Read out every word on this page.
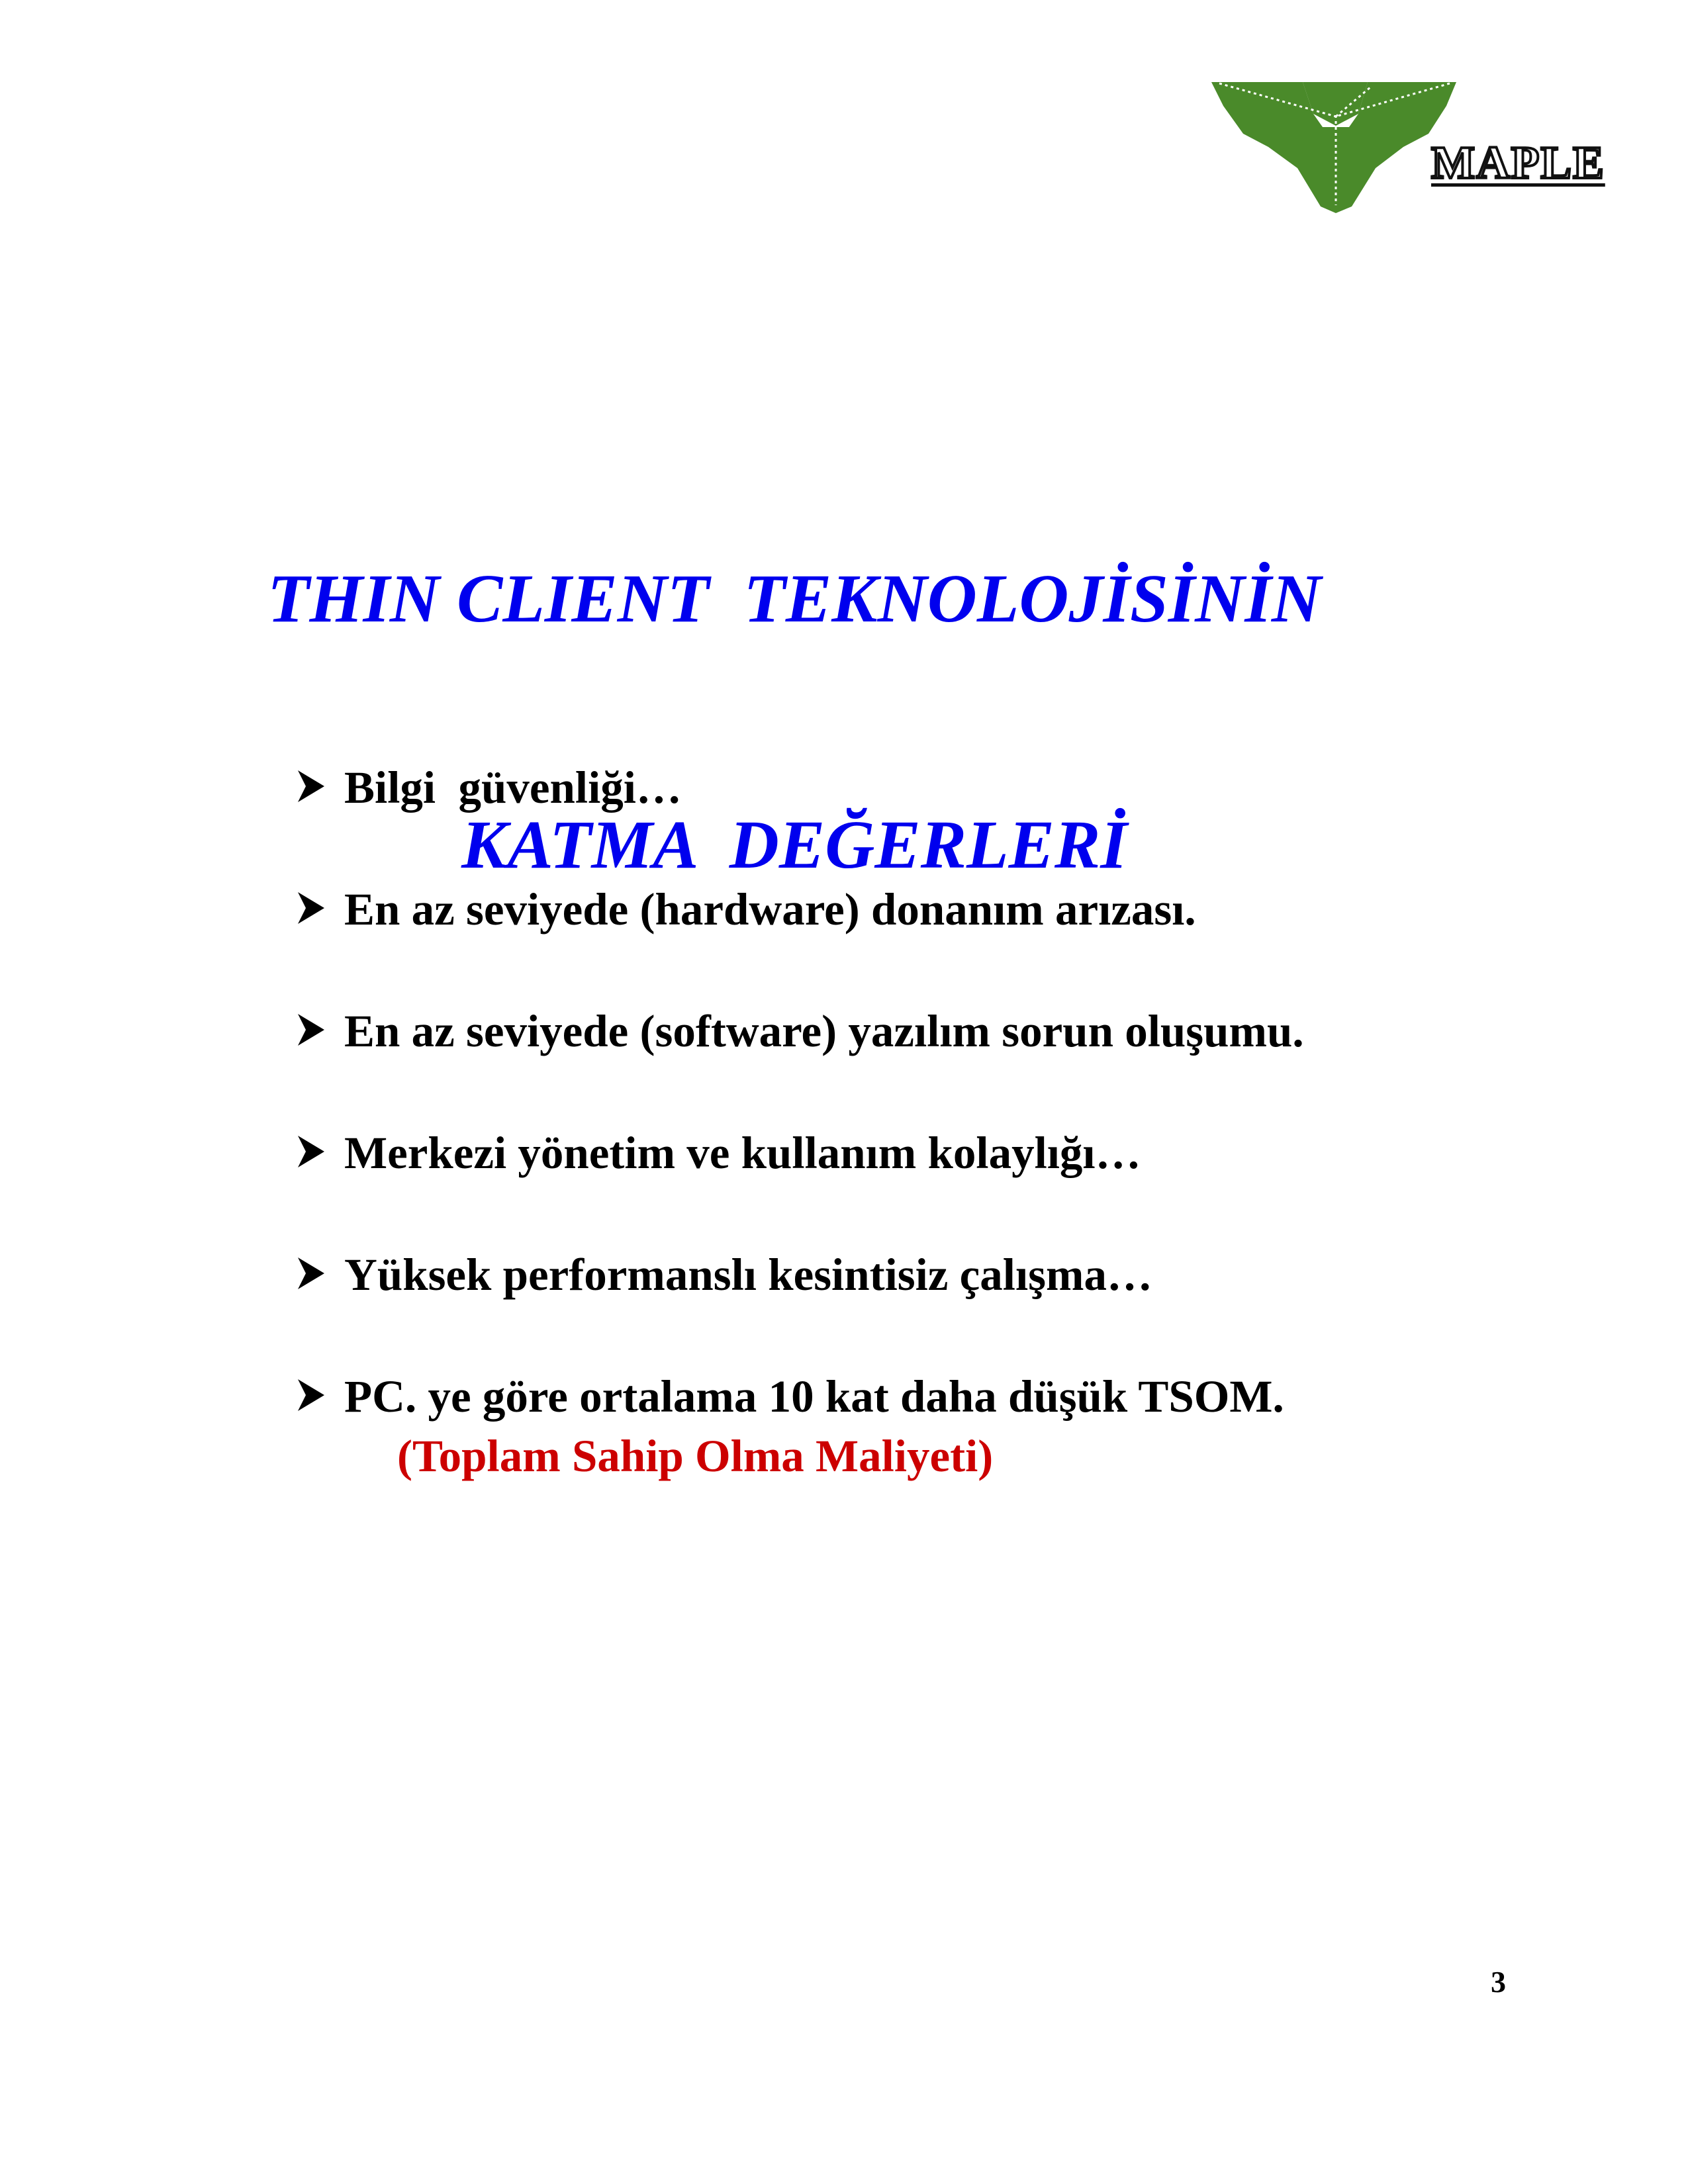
MAPLE

THIN CLIENT  TEKNOLOJİSİNİN

KATMA  DEĞERLERİ

Bilgi  güvenliği…
En az seviyede (hardware) donanım arızası.
En az seviyede (software) yazılım sorun oluşumu.
Merkezi yönetim ve kullanım kolaylığı…
Yüksek performanslı kesintisiz çalışma…
PC. ye göre ortalama 10 kat daha düşük TSOM.
(Toplam Sahip Olma Maliyeti)
3
